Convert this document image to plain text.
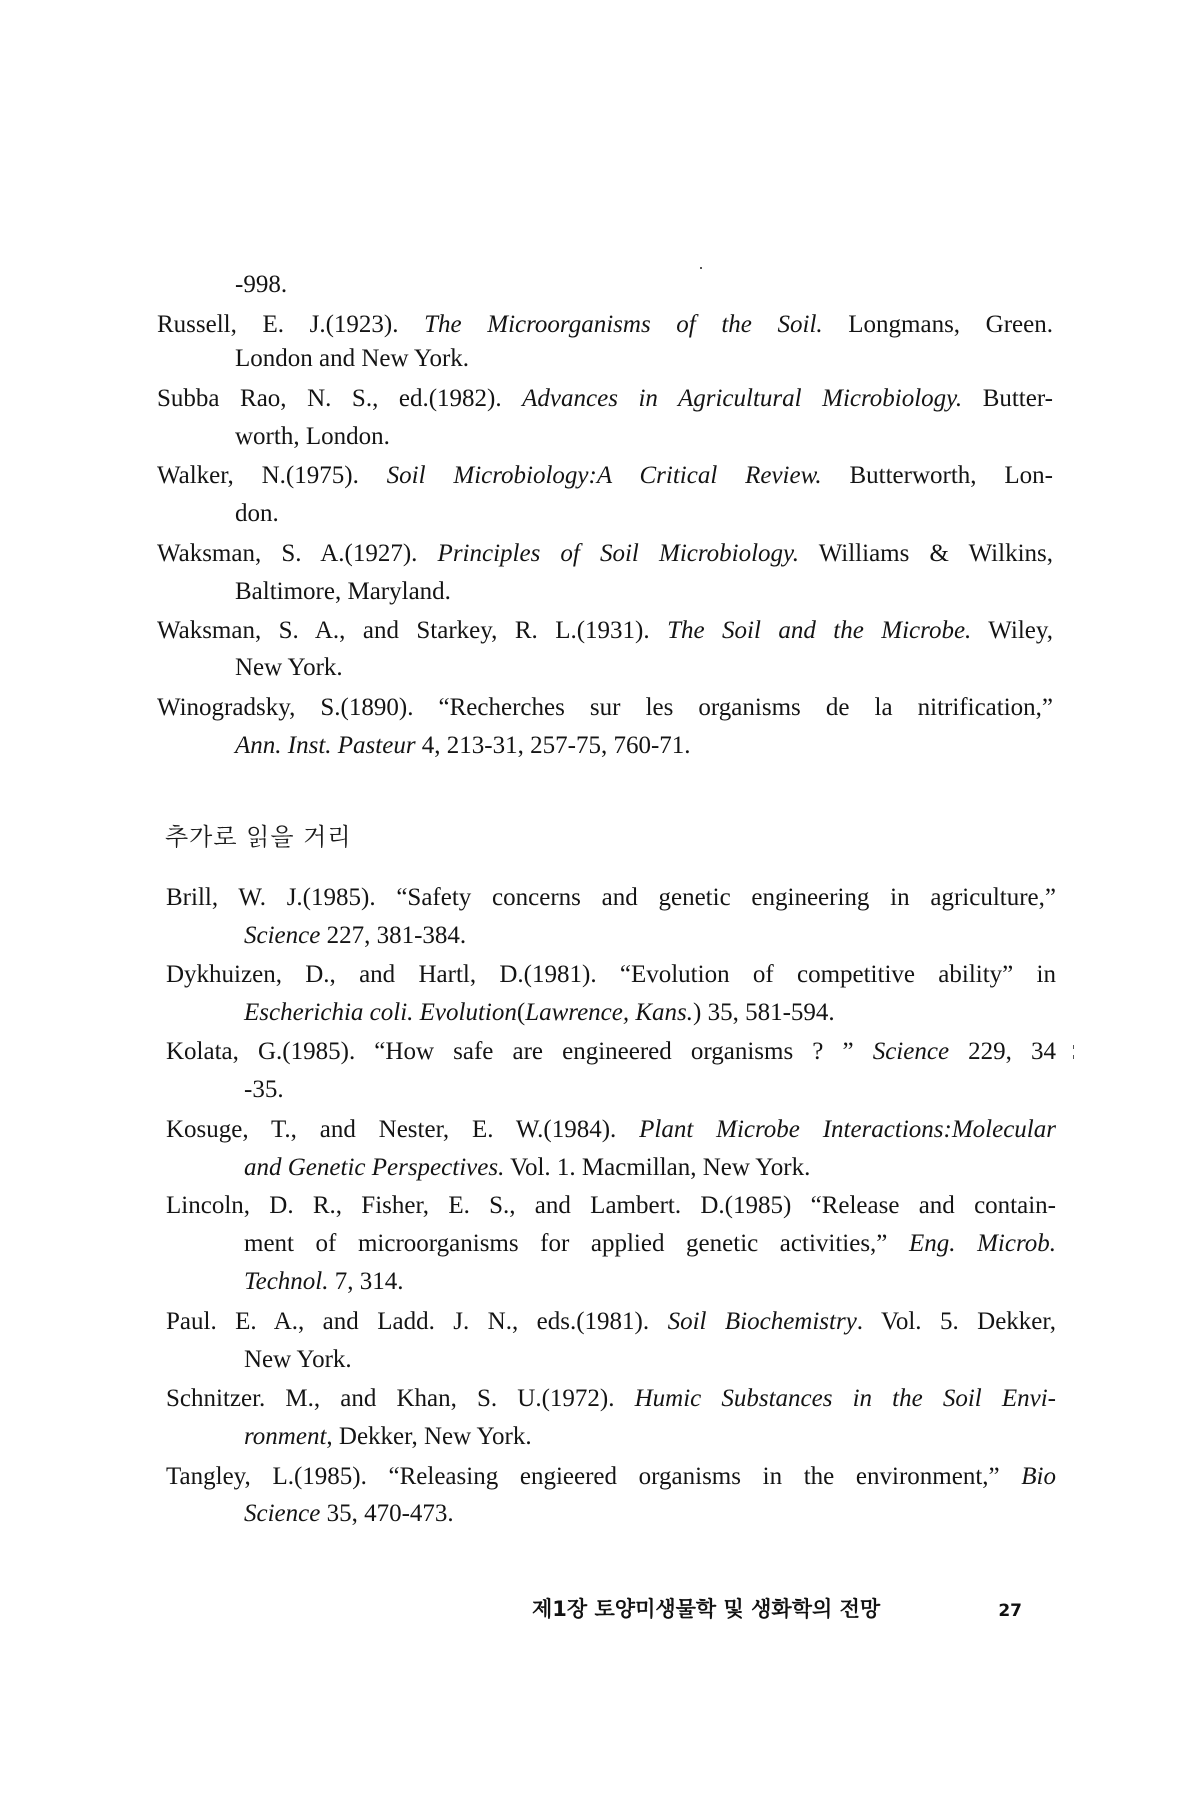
-998.
Russell, E. J.(1923). The Microorganisms of the Soil. Longmans, Green.
London and New York.
Subba Rao, N. S., ed.(1982). Advances in Agricultural Microbiology. Butter-
worth, London.
Walker, N.(1975). Soil Microbiology:A Critical Review. Butterworth, Lon-
don.
Waksman, S. A.(1927). Principles of Soil Microbiology. Williams & Wilkins,
Baltimore, Maryland.
Waksman, S. A., and Starkey, R. L.(1931). The Soil and the Microbe. Wiley,
New York.
Winogradsky, S.(1890). “Recherches sur les organisms de la nitrification,”
Ann. Inst. Pasteur 4, 213-31, 257-75, 760-71.
추가로 읽을 거리
Brill, W. J.(1985). “Safety concerns and genetic engineering in agriculture,”
Science 227, 381-384.
Dykhuizen, D., and Hartl, D.(1981). “Evolution of competitive ability” in
Escherichia coli. Evolution(Lawrence, Kans.) 35, 581-594.
Kolata, G.(1985). “How safe are engineered organisms ? ” Science 229, 34
-35.
Kosuge, T., and Nester, E. W.(1984). Plant Microbe Interactions:Molecular
and Genetic Perspectives. Vol. 1. Macmillan, New York.
Lincoln, D. R., Fisher, E. S., and Lambert. D.(1985) “Release and contain-
ment of microorganisms for applied genetic activities,” Eng. Microb.
Technol. 7, 314.
Paul. E. A., and Ladd. J. N., eds.(1981). Soil Biochemistry. Vol. 5. Dekker,
New York.
Schnitzer. M., and Khan, S. U.(1972). Humic Substances in the Soil Envi-
ronment, Dekker, New York.
Tangley, L.(1985). “Releasing engieered organisms in the environment,” Bio
Science 35, 470-473.
제1장 토양미생물학 및 생화학의 전망	27
